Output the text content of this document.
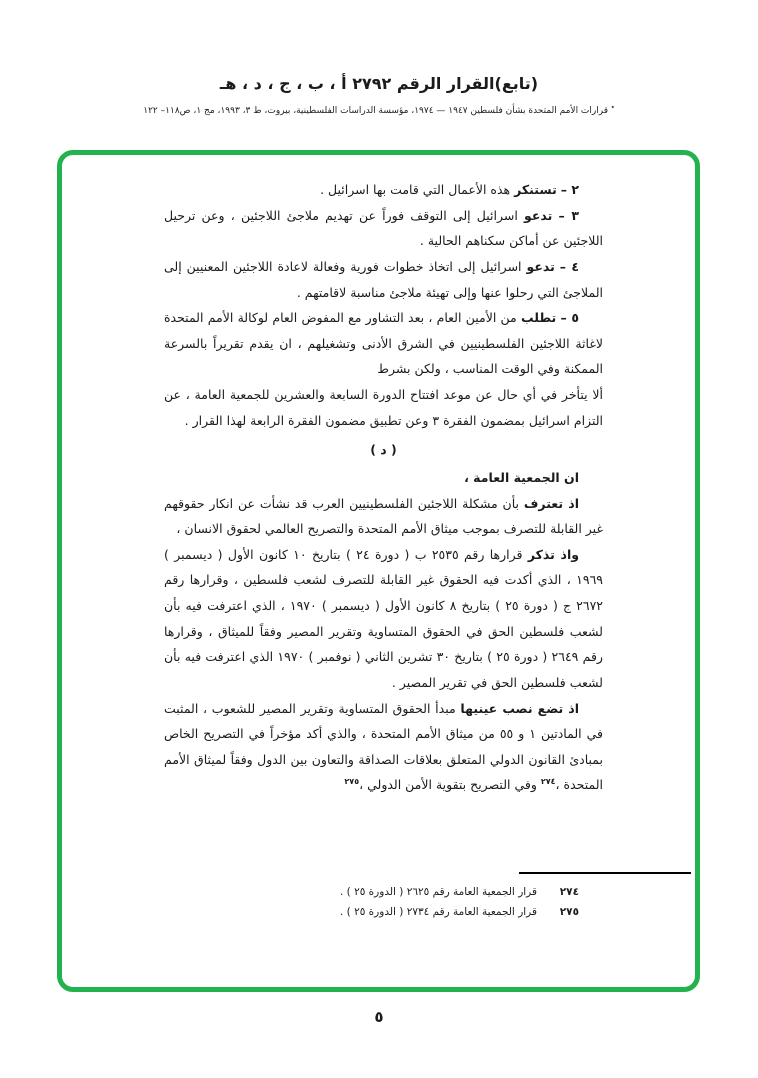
(تابع)القرار الرقم ٢٧٩٢ أ ، ب ، ج ، د ، هـ
٭ قرارات الأمم المتحدة بشأن فلسطين ١٩٤٧ — ١٩٧٤، مؤسسة الدراسات الفلسطينية، بيروت، ط ٣، ١٩٩٣، مج ١، ص١١٨– ١٢٢
٢ – تستنكر هذه الأعمال التي قامت بها اسرائيل .
٣ – تدعو اسرائيل إلى التوقف فوراً عن تهديم ملاجئ اللاجئين ، وعن ترحيل اللاجئين عن أماكن سكناهم الحالية .
٤ – تدعو اسرائيل إلى اتخاذ خطوات فورية وفعالة لاعادة اللاجئين المعنيين إلى الملاجئ التي رحلوا عنها وإلى تهيئة ملاجئ مناسبة لاقامتهم .
٥ – تطلب من الأمين العام ، بعد التشاور مع المفوض العام لوكالة الأمم المتحدة لاغاثة اللاجئين الفلسطينيين في الشرق الأدنى وتشغيلهم ، ان يقدم تقريراً بالسرعة الممكنة وفي الوقت المناسب ، ولكن بشرط
ألا يتأخر في أي حال عن موعد افتتاح الدورة السابعة والعشرين للجمعية العامة ، عن التزام اسرائيل بمضمون الفقرة ٣ وعن تطبيق مضمون الفقرة الرابعة لهذا القرار .
( د )
ان الجمعية العامة ،
اذ تعترف بأن مشكلة اللاجئين الفلسطينيين العرب قد نشأت عن انكار حقوقهم غير القابلة للتصرف بموجب ميثاق الأمم المتحدة والتصريح العالمي لحقوق الانسان ،
واذ تذكر قرارها رقم ٢٥٣٥ ب ( دورة ٢٤ ) بتاريخ ١٠ كانون الأول ( ديسمبر ) ١٩٦٩ ، الذي أكدت فيه الحقوق غير القابلة للتصرف لشعب فلسطين ، وقرارها رقم ٢٦٧٢ ج ( دورة ٢٥ ) بتاريخ ٨ كانون الأول ( ديسمبر ) ١٩٧٠ ، الذي اعترفت فيه بأن لشعب فلسطين الحق في الحقوق المتساوية وتقرير المصير وفقاً للميثاق ، وقرارها رقم ٢٦٤٩ ( دورة ٢٥ ) بتاريخ ٣٠ تشرين الثاني ( نوفمبر ) ١٩٧٠ الذي اعترفت فيه بأن لشعب فلسطين الحق في تقرير المصير .
اذ تضع نصب عينيها مبدأ الحقوق المتساوية وتقرير المصير للشعوب ، المثبت في المادتين ١ و ٥٥ من ميثاق الأمم المتحدة ، والذي أكد مؤخراً في التصريح الخاص بمبادئ القانون الدولي المتعلق بعلاقات الصداقة والتعاون بين الدول وفقاً لميثاق الأمم المتحدة ،$^{٢٧٤}$ وفي التصريح بتقوية الأمن الدولي ،$^{٢٧٥}$
٢٧٤
قرار الجمعية العامة رقم ٢٦٢٥ ( الدورة ٢٥ ) .
٢٧٥
قرار الجمعية العامة رقم ٢٧٣٤ ( الدورة ٢٥ ) .
٥
